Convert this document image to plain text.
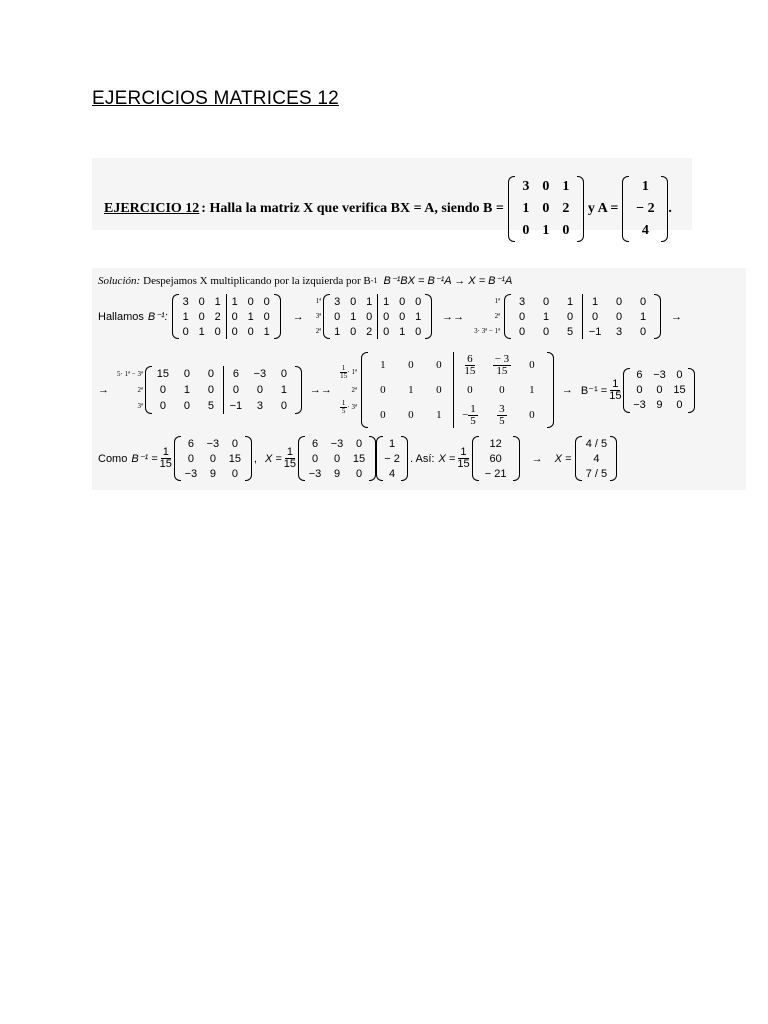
EJERCICIOS MATRICES 12
EJERCICIO 12 : Halla la matriz X que verifica BX = A, siendo B =
3	0	1
1	0	2
0	1	0
y A =
1
− 2
4
.
Solución: Despejamos X multiplicando por la izquierda por B -1 B⁻¹BX = B⁻¹A → X = B⁻¹A
Hallamos B⁻¹:
3	0	1	1	0	0
1	0	2	0	1	0
0	1	0	0	0	1
→
1ª
3ª
2ª
3	0	1	1	0	0
0	1	0	0	0	1
1	0	2	0	1	0
→→
1ª
2ª
3· 3ª − 1ª
3	0	1	1	0	0
0	1	0	0	0	1
0	0	5	−1	3	0
→
→
5· 1ª − 3ª
2ª
3ª
15	0	0	6	−3	0
0	1	0	0	0	1
0	0	5	−1	3	0
→→
$\frac{1}{15}$ · 1ª
2ª
$\frac{1}{5}$ · 3ª
1	0	0	$\frac{6}{15}$	$\frac{- 3}{15}$	0
0	1	0	0	0	1
0	0	1	− $\frac{1}{5}$	$\frac{3}{5}$	0
→ $B^{-1} = \frac{1}{15}$
6	−3	0
0	0	15
−3	9	0
Como $B^{-1} = \frac{1}{15}$
6	−3	0
0	0	15
−3	9	0
, $X = \frac{1}{15}$
6	−3	0
0	0	15
−3	9	0
1
− 2
4
. Así: $X = \frac{1}{15}$
12
60
− 21
→ X =
4 / 5
4
7 / 5
